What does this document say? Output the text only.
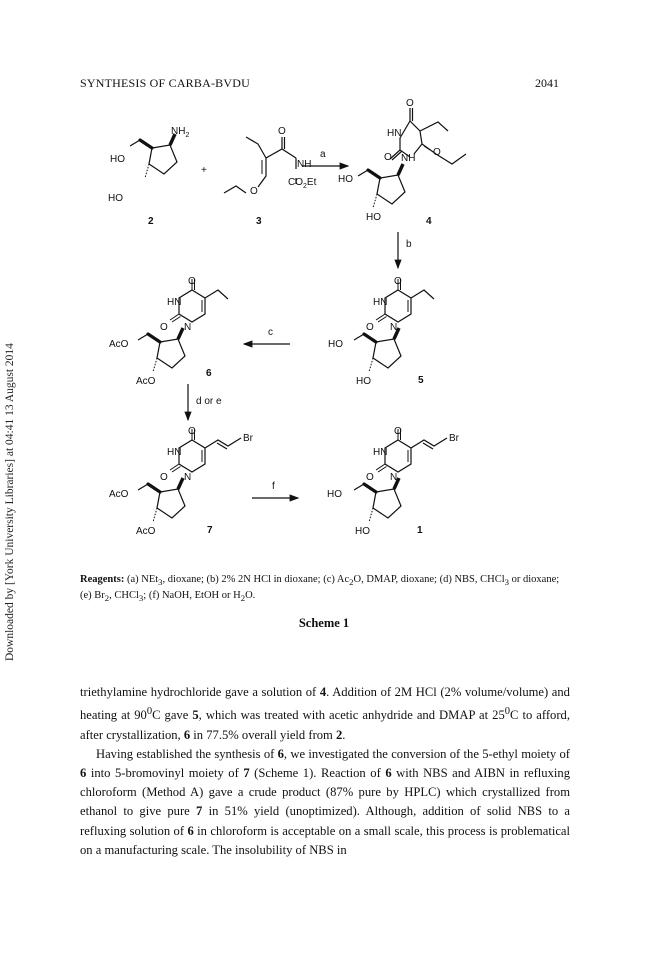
SYNTHESIS OF CARBA-BVDU	2041
Downloaded by [York University Libraries] at 04:41 13 August 2014
HO
HO
$NH_2$
2
+
O
O
NH
$CO_2Et$
3
a
O
HN
O NH
O
HO
HO	4
b
O
HN
O N
HO
HO	5
c
O
HN
O N
AcO
AcO
6
d or e
O
HN
O N
Br
AcO
AcO	7
f
O
HN
O N
Br
HO
HO	1
Reagents: (a) NEt$_3$, dioxane; (b) 2% 2N HCl in dioxane; (c) $Ac_2O$, DMAP, dioxane; (d) NBS, CHCl$_3$ or dioxane; (e) $Br_2$, CHCl$_3$; (f) NaOH, EtOH or $H_2O$.
Scheme 1

triethylamine hydrochloride gave a solution of 4. Addition of 2M HCl (2% volume/volume) and heating at $90^0C$ gave 5, which was treated with acetic anhydride and DMAP at $25^0C$ to afford, after crystallization, 6 in 77.5% overall yield from 2.

Having established the synthesis of 6, we investigated the conversion of the 5-ethyl moiety of 6 into 5-bromovinyl moiety of 7 (Scheme 1). Reaction of 6 with NBS and AIBN in refluxing chloroform (Method A) gave a crude product (87% pure by HPLC) which crystallized from ethanol to give pure 7 in 51% yield (unoptimized). Although, addition of solid NBS to a refluxing solution of 6 in chloroform is acceptable on a small scale, this process is problematical on a manufacturing scale. The insolubility of NBS in
